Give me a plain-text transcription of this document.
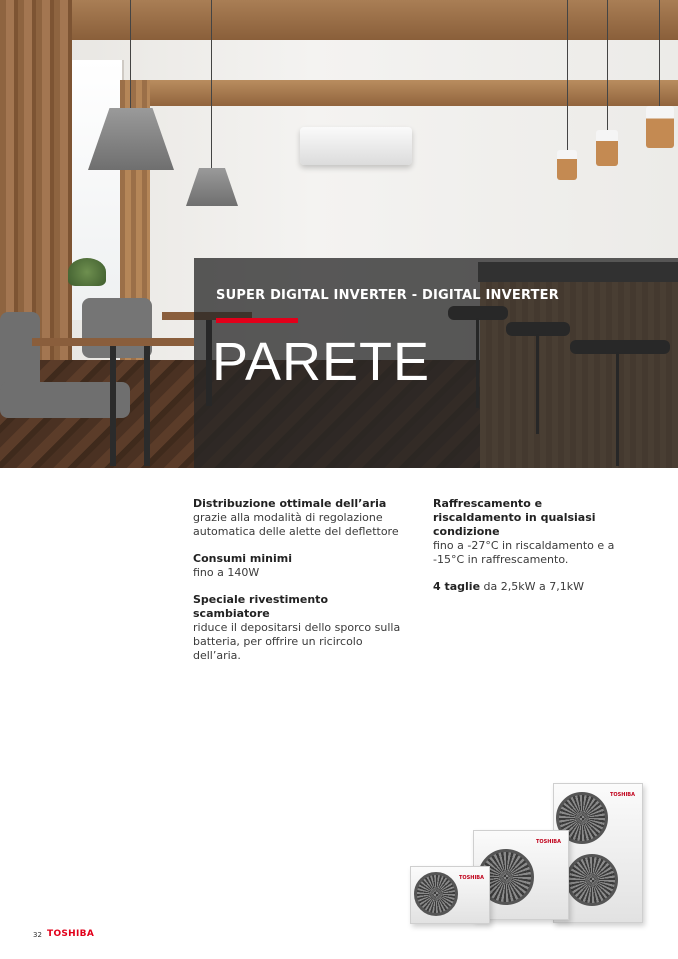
SUPER DIGITAL INVERTER - DIGITAL INVERTER
PARETE
Distribuzione ottimale dell’aria

grazie alla modalità di regolazione automatica delle alette del deflettore

Consumi minimi

fino a 140W

Speciale rivestimento scambiatore

riduce il depositarsi dello sporco sulla batteria, per offrire un ricircolo dell’aria.

Raffrescamento e riscaldamento in qualsiasi condizione

fino a -27°C in riscaldamento e a -15°C in raffrescamento.

4 taglie da 2,5kW a 7,1kW

TOSHIBA
TOSHIBA
TOSHIBA
32 TOSHIBA
